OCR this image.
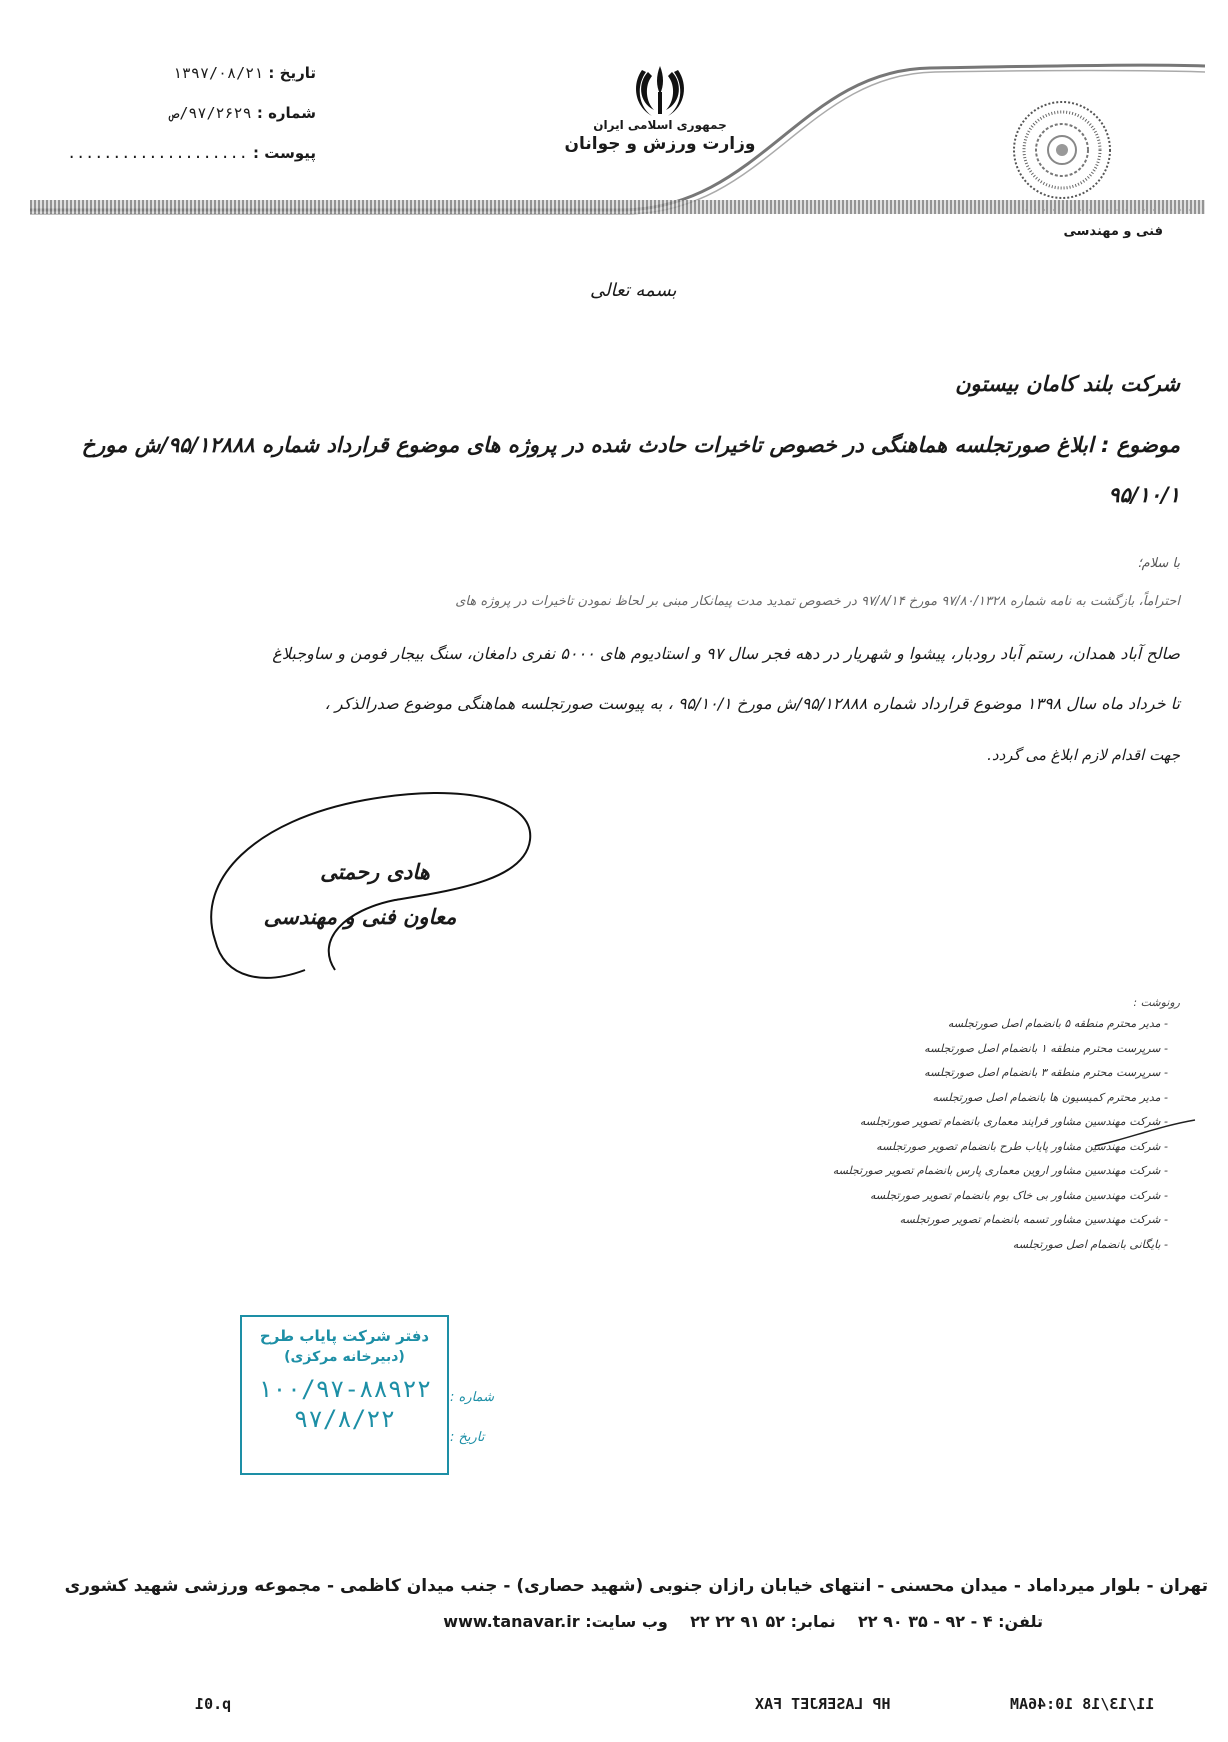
تاریخ : ۱۳۹۷/۰۸/۲۱
شماره : ۹۷/۲۶۲۹/ص
پیوست : ....................
جمهوری اسلامی ایران
وزارت ورزش و جوانان
· · · · · · · · · · · · · · · · · · ·
فنی و مهندسی
بسمه تعالی
شرکت بلند کامان بیستون
موضوع : ابلاغ صورتجلسه هماهنگی در خصوص تاخیرات حادث شده در پروژه های موضوع قرارداد شماره ۹۵/۱۲۸۸۸/ش مورخ ۹۵/۱۰/۱
با سلام؛
احتراماً، بازگشت به نامه شماره ۹۷/۸۰/۱۳۲۸ مورخ ۹۷/۸/۱۴ در خصوص تمدید مدت پیمانکار مبنی بر لحاظ نمودن تاخیرات در پروژه های
صالح آباد همدان، رستم آباد رودبار، پیشوا و شهریار در دهه فجر سال ۹۷ و استادیوم های ۵۰۰۰ نفری دامغان، سنگ بیجار فومن و ساوجبلاغ
تا خرداد ماه سال ۱۳۹۸ موضوع قرارداد شماره ۹۵/۱۲۸۸۸/ش مورخ ۹۵/۱۰/۱ ، به پیوست صورتجلسه هماهنگی موضوع صدرالذکر ،
جهت اقدام لازم ابلاغ می گردد.
هادی رحمتی
معاون فنی و مهندسی
رونوشت :
- مدیر محترم منطقه ۵ بانضمام اصل صورتجلسه
- سرپرست محترم منطقه ۱ بانضمام اصل صورتجلسه
- سرپرست محترم منطقه ۳ بانضمام اصل صورتجلسه
- مدیر محترم کمیسیون ها بانضمام اصل صورتجلسه
- شرکت مهندسین مشاور فرایند معماری بانضمام تصویر صورتجلسه
- شرکت مهندسین مشاور پایاب طرح بانضمام تصویر صورتجلسه
- شرکت مهندسین مشاور اروین معماری پارس بانضمام تصویر صورتجلسه
- شرکت مهندسین مشاور بی خاک بوم بانضمام تصویر صورتجلسه
- شرکت مهندسین مشاور تسمه بانضمام تصویر صورتجلسه
- بایگانی بانضمام اصل صورتجلسه
دفتر شرکت پایاب طرح
(دبیرخانه مرکزی)
۱۰۰/۹۷-۸۸۹۲۲
۹۷/۸/۲۲
شماره :
تاریخ :
تهران - بلوار میرداماد - میدان محسنی - انتهای خیابان رازان جنوبی (شهید حصاری) - جنب میدان کاظمی - مجموعه ورزشی شهید کشوری
تلفن: ۴ - ۹۲ - ۳۵ ۹۰ ۲۲    نمابر: ۵۲ ۹۱ ۲۲ ۲۲    وب سایت: www.tanavar.ir
p.01	HP LASERJET FAX	11/13/18 10:46AM
